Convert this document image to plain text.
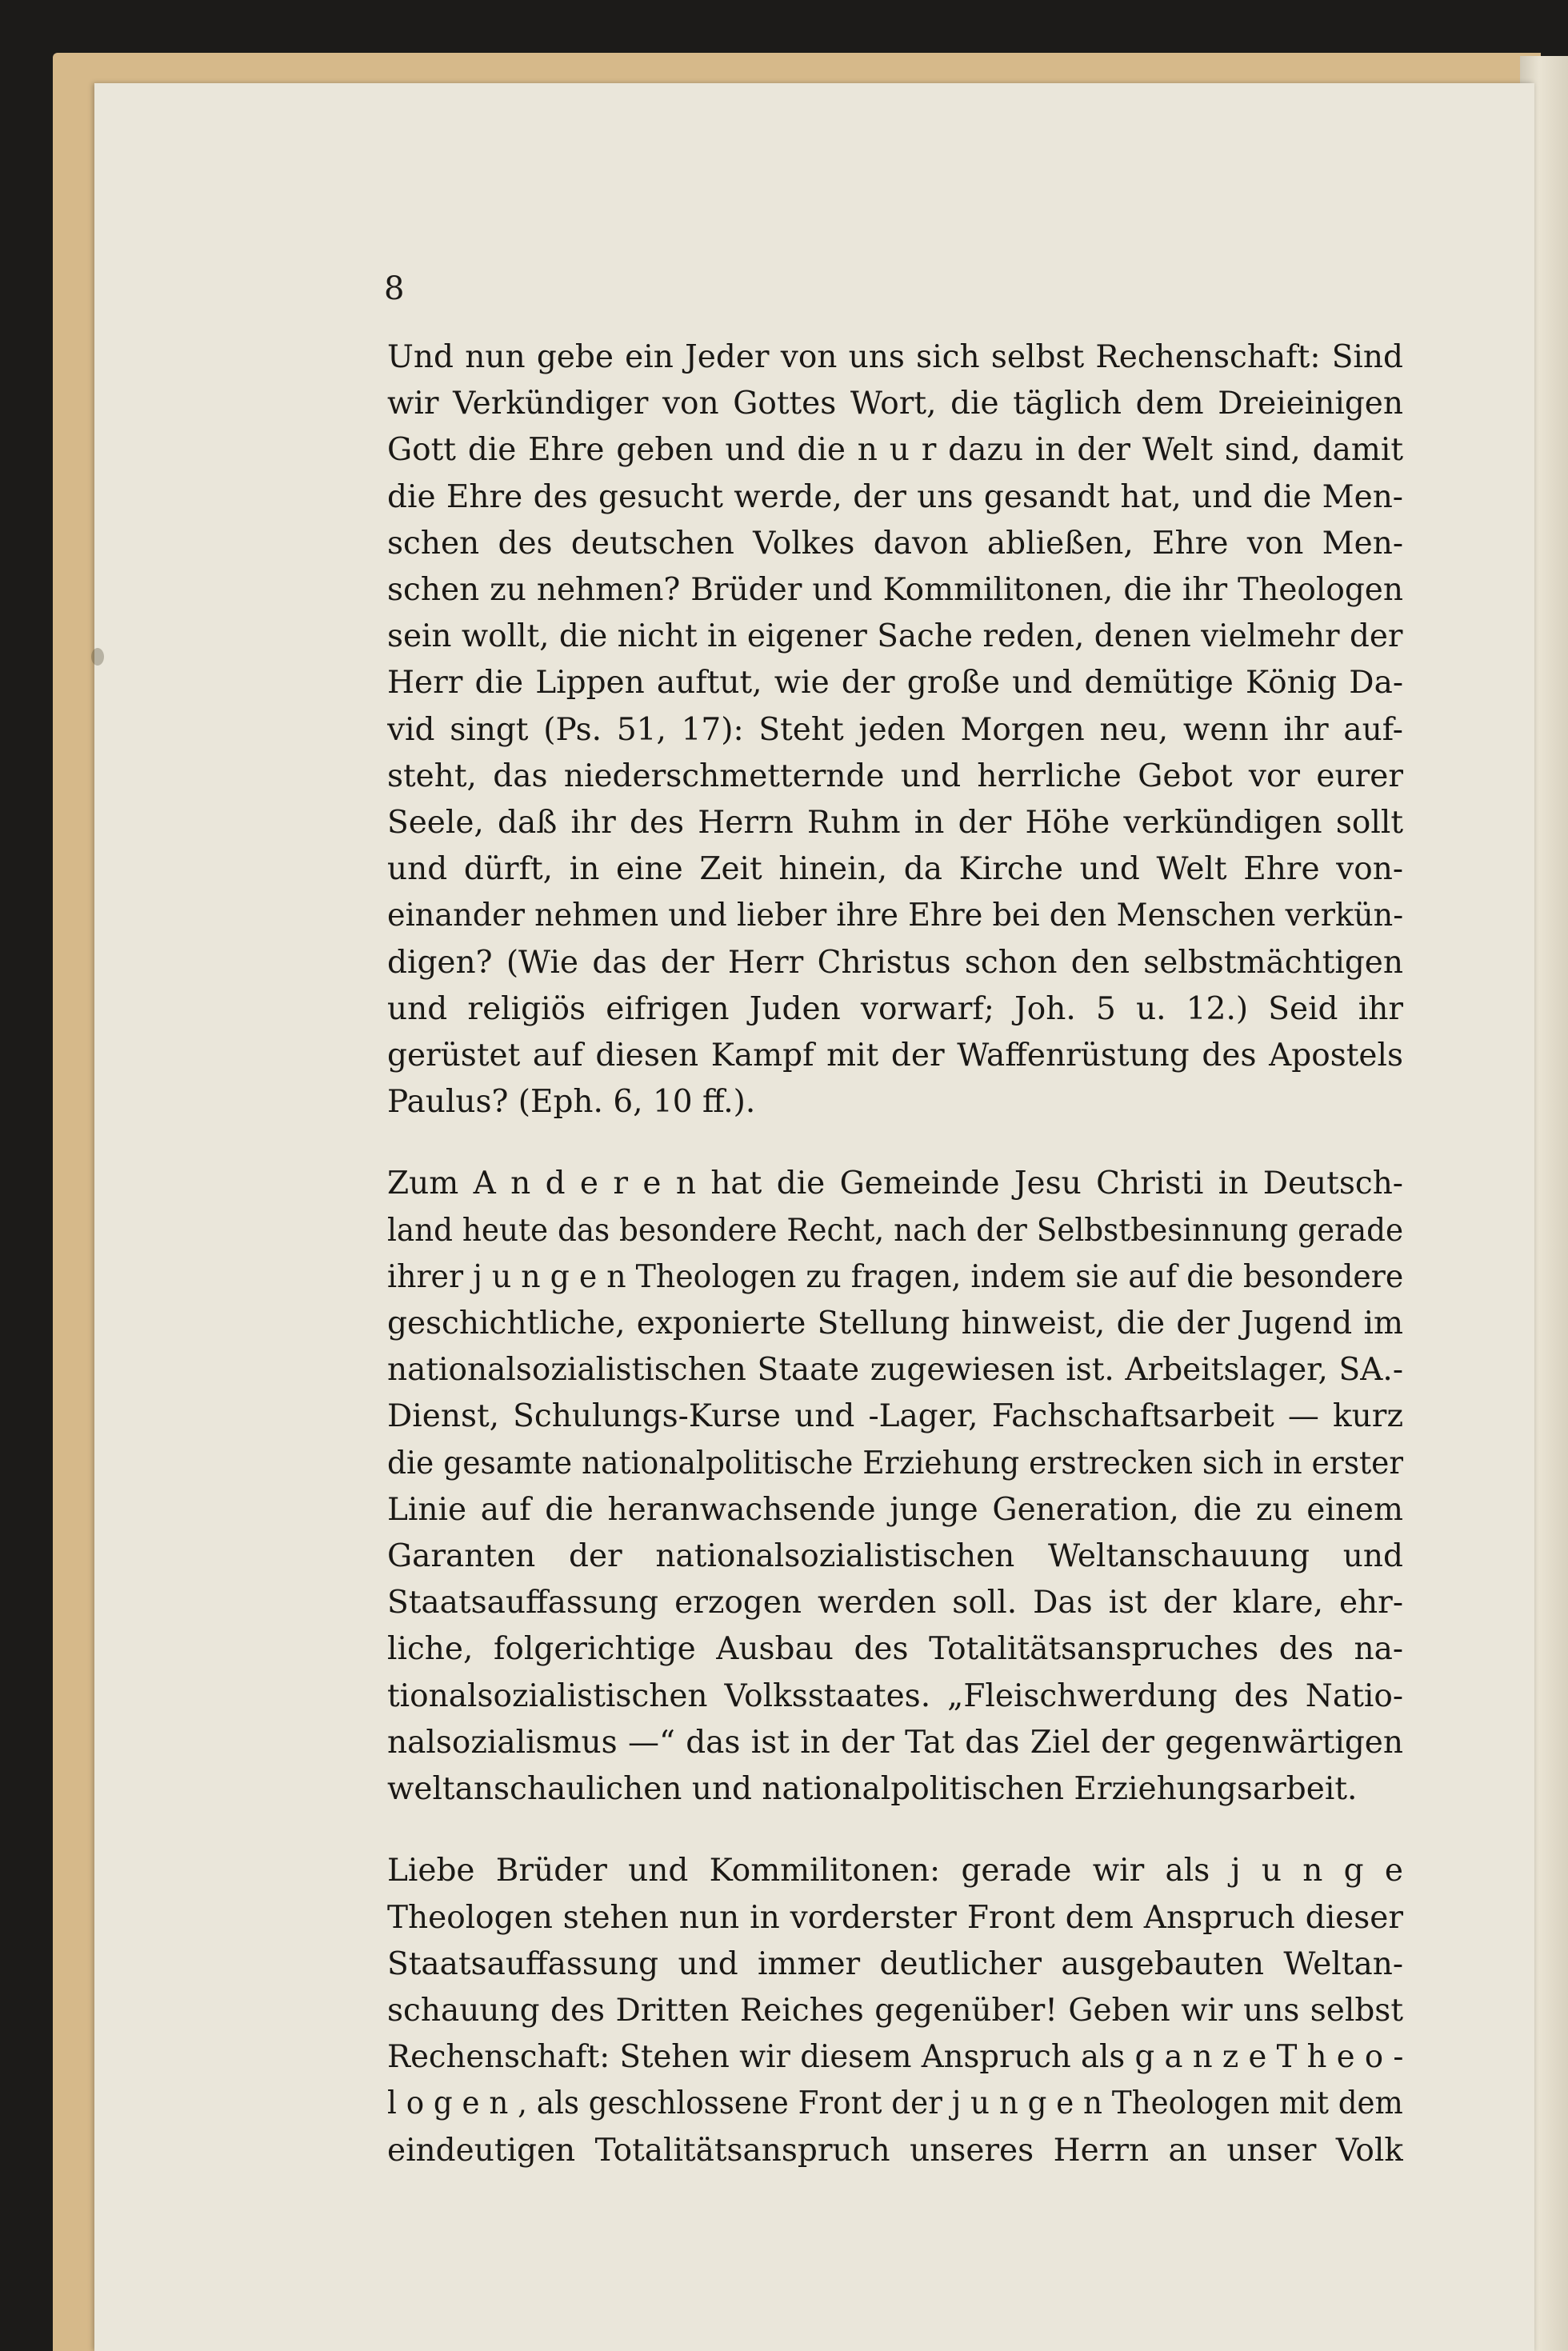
8
Und nun gebe ein Jeder von uns sich selbst Rechenschaft: Sind
wir Verkündiger von Gottes Wort, die täglich dem Dreieinigen
Gott die Ehre geben und die n u r dazu in der Welt sind, damit
die Ehre des gesucht werde, der uns gesandt hat, und die Men-
schen des deutschen Volkes davon abließen, Ehre von Men-
schen zu nehmen? Brüder und Kommilitonen, die ihr Theologen
sein wollt, die nicht in eigener Sache reden, denen vielmehr der
Herr die Lippen auftut, wie der große und demütige König Da-
vid singt (Ps. 51, 17): Steht jeden Morgen neu, wenn ihr auf-
steht, das niederschmetternde und herrliche Gebot vor eurer
Seele, daß ihr des Herrn Ruhm in der Höhe verkündigen sollt
und dürft, in eine Zeit hinein, da Kirche und Welt Ehre von-
einander nehmen und lieber ihre Ehre bei den Menschen verkün-
digen? (Wie das der Herr Christus schon den selbstmächtigen
und religiös eifrigen Juden vorwarf; Joh. 5 u. 12.) Seid ihr
gerüstet auf diesen Kampf mit der Waffenrüstung des Apostels
Paulus? (Eph. 6, 10 ff.).
Zum A n d e r e n hat die Gemeinde Jesu Christi in Deutsch-
land heute das besondere Recht, nach der Selbstbesinnung gerade
ihrer j u n g e n Theologen zu fragen, indem sie auf die besondere
geschichtliche, exponierte Stellung hinweist, die der Jugend im
nationalsozialistischen Staate zugewiesen ist. Arbeitslager, SA.-
Dienst, Schulungs-Kurse und -Lager, Fachschaftsarbeit — kurz
die gesamte nationalpolitische Erziehung erstrecken sich in erster
Linie auf die heranwachsende junge Generation, die zu einem
Garanten der nationalsozialistischen Weltanschauung und
Staatsauffassung erzogen werden soll. Das ist der klare, ehr-
liche, folgerichtige Ausbau des Totalitätsanspruches des na-
tionalsozialistischen Volksstaates. „Fleischwerdung des Natio-
nalsozialismus —“ das ist in der Tat das Ziel der gegenwärtigen
weltanschaulichen und nationalpolitischen Erziehungsarbeit.
Liebe Brüder und Kommilitonen: gerade wir als j u n g e
Theologen stehen nun in vorderster Front dem Anspruch dieser
Staatsauffassung und immer deutlicher ausgebauten Weltan-
schauung des Dritten Reiches gegenüber! Geben wir uns selbst
Rechenschaft: Stehen wir diesem Anspruch als g a n z e T h e o -
l o g e n , als geschlossene Front der j u n g e n Theologen mit dem
eindeutigen Totalitätsanspruch unseres Herrn an unser Volk
